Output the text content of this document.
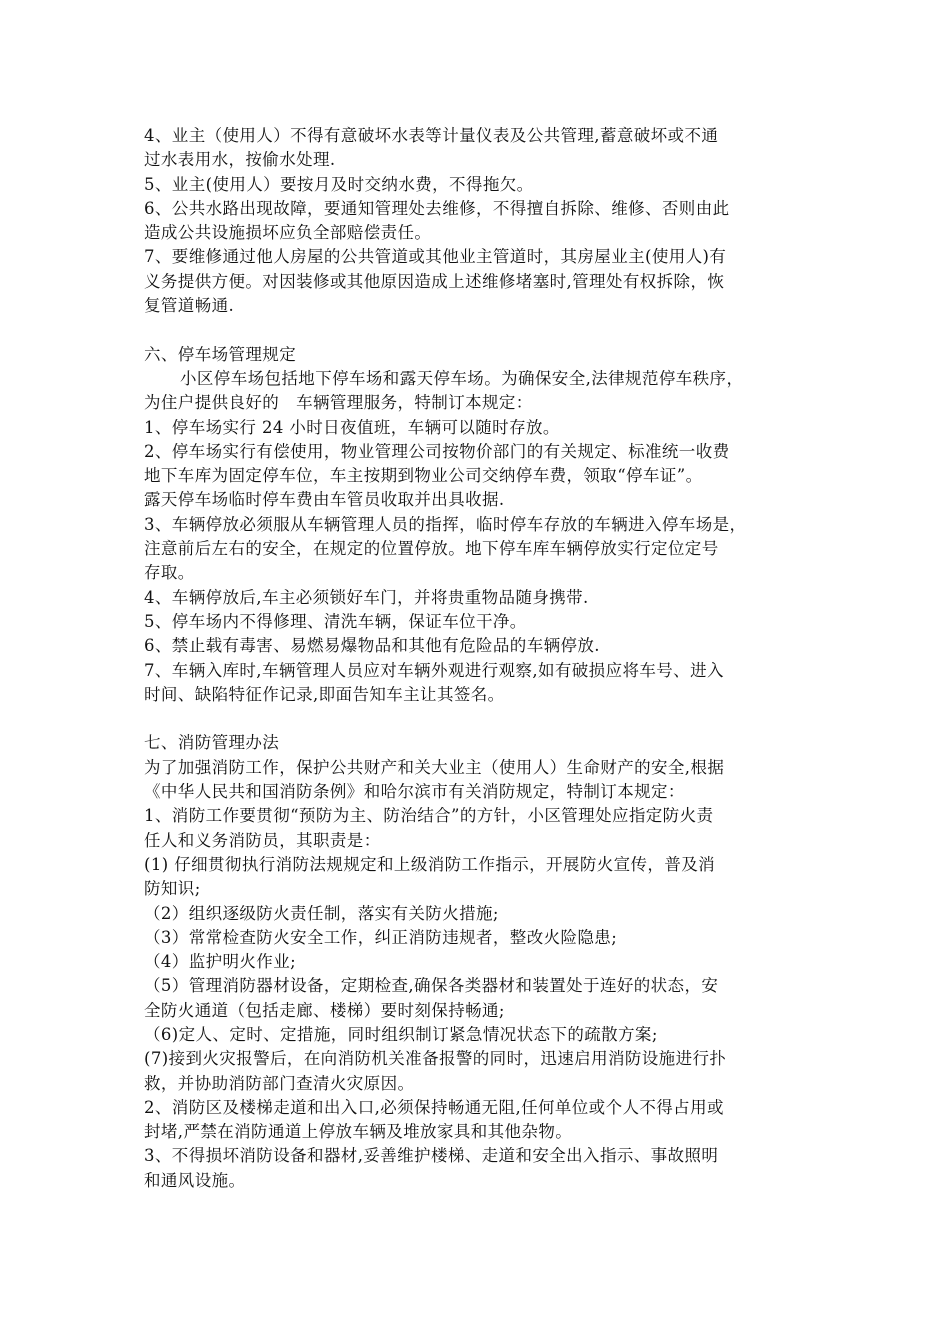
4、业主（使用人）不得有意破坏水表等计量仪表及公共管理,蓄意破坏或不通
过水表用水，按偷水处理.
5、业主(使用人）要按月及时交纳水费，不得拖欠。
6、公共水路出现故障，要通知管理处去维修，不得擅自拆除、维修、否则由此
造成公共设施损坏应负全部赔偿责任。
7、要维修通过他人房屋的公共管道或其他业主管道时，其房屋业主(使用人)有
义务提供方便。对因装修或其他原因造成上述维修堵塞时,管理处有权拆除，恢
复管道畅通.
六、停车场管理规定
小区停车场包括地下停车场和露天停车场。为确保安全,法律规范停车秩序，
为住户提供良好的　车辆管理服务，特制订本规定：
1、停车场实行 24 小时日夜值班，车辆可以随时存放。
2、停车场实行有偿使用，物业管理公司按物价部门的有关规定、标准统一收费
地下车库为固定停车位，车主按期到物业公司交纳停车费，领取“停车证”。
露天停车场临时停车费由车管员收取并出具收据.
3、车辆停放必须服从车辆管理人员的指挥，临时停车存放的车辆进入停车场是，
注意前后左右的安全，在规定的位置停放。地下停车库车辆停放实行定位定号
存取。
4、车辆停放后,车主必须锁好车门，并将贵重物品随身携带.
5、停车场内不得修理、清洗车辆，保证车位干净。
6、禁止载有毒害、易燃易爆物品和其他有危险品的车辆停放.
7、车辆入库时,车辆管理人员应对车辆外观进行观察,如有破损应将车号、进入
时间、缺陷特征作记录,即面告知车主让其签名。
七、消防管理办法
为了加强消防工作，保护公共财产和关大业主（使用人）生命财产的安全,根据
《中华人民共和国消防条例》和哈尔滨市有关消防规定，特制订本规定：
1、消防工作要贯彻“预防为主、防治结合”的方针，小区管理处应指定防火责
任人和义务消防员，其职责是：
(1) 仔细贯彻执行消防法规规定和上级消防工作指示，开展防火宣传，普及消
防知识;
（2）组织逐级防火责任制，落实有关防火措施;
（3）常常检查防火安全工作，纠正消防违规者，整改火险隐患;
（4）监护明火作业;
（5）管理消防器材设备，定期检查,确保各类器材和装置处于连好的状态，安
全防火通道（包括走廊、楼梯）要时刻保持畅通;
（6)定人、定时、定措施，同时组织制订紧急情况状态下的疏散方案;
(7)接到火灾报警后，在向消防机关准备报警的同时，迅速启用消防设施进行扑
救，并协助消防部门查清火灾原因。
2、消防区及楼梯走道和出入口,必须保持畅通无阻,任何单位或个人不得占用或
封堵,严禁在消防通道上停放车辆及堆放家具和其他杂物。
3、不得损坏消防设备和器材,妥善维护楼梯、走道和安全出入指示、事故照明
和通风设施。
